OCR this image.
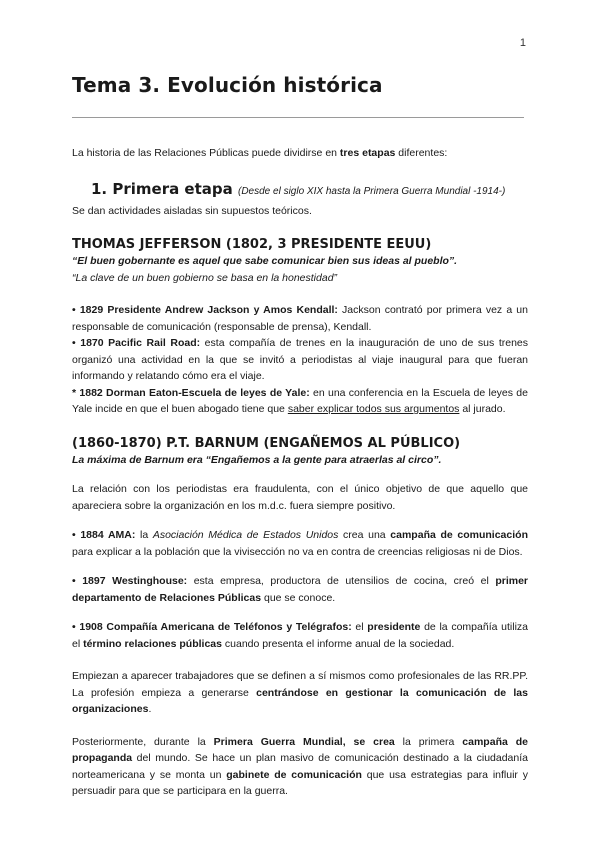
1
Tema 3. Evolución histórica

La historia de las Relaciones Públicas puede dividirse en tres etapas diferentes:

1. Primera etapa (Desde el siglo XIX hasta la Primera Guerra Mundial -1914-)

Se dan actividades aisladas sin supuestos teóricos.

THOMAS JEFFERSON (1802, 3 PRESIDENTE EEUU)

“El buen gobernante es aquel que sabe comunicar bien sus ideas al pueblo”.

“La clave de un buen gobierno se basa en la honestidad”

• 1829 Presidente Andrew Jackson y Amos Kendall: Jackson contrató por primera vez a un responsable de comunicación (responsable de prensa), Kendall.

• 1870 Pacific Rail Road: esta compañía de trenes en la inauguración de uno de sus trenes organizó una actividad en la que se invitó a periodistas al viaje inaugural para que fueran informando y relatando cómo era el viaje.

* 1882 Dorman Eaton-Escuela de leyes de Yale: en una conferencia en la Escuela de leyes de Yale incide en que el buen abogado tiene que saber explicar todos sus argumentos al jurado.

(1860-1870) P.T. BARNUM (ENGAÑEMOS AL PÚBLICO)

La máxima de Barnum era “Engañemos a la gente para atraerlas al circo”.

La relación con los periodistas era fraudulenta, con el único objetivo de que aquello que apareciera sobre la organización en los m.d.c. fuera siempre positivo.

• 1884 AMA: la Asociación Médica de Estados Unidos crea una campaña de comunicación para explicar a la población que la vivisección no va en contra de creencias religiosas ni de Dios.

• 1897 Westinghouse: esta empresa, productora de utensilios de cocina, creó el primer departamento de Relaciones Públicas que se conoce.

• 1908 Compañía Americana de Teléfonos y Telégrafos: el presidente de la compañía utiliza el término relaciones públicas cuando presenta el informe anual de la sociedad.

Empiezan a aparecer trabajadores que se definen a sí mismos como profesionales de las RR.PP. La profesión empieza a generarse centrándose en gestionar la comunicación de las organizaciones.

Posteriormente, durante la Primera Guerra Mundial, se crea la primera campaña de propaganda del mundo. Se hace un plan masivo de comunicación destinado a la ciudadanía norteamericana y se monta un gabinete de comunicación que usa estrategias para influir y persuadir para que se participara en la guerra.
